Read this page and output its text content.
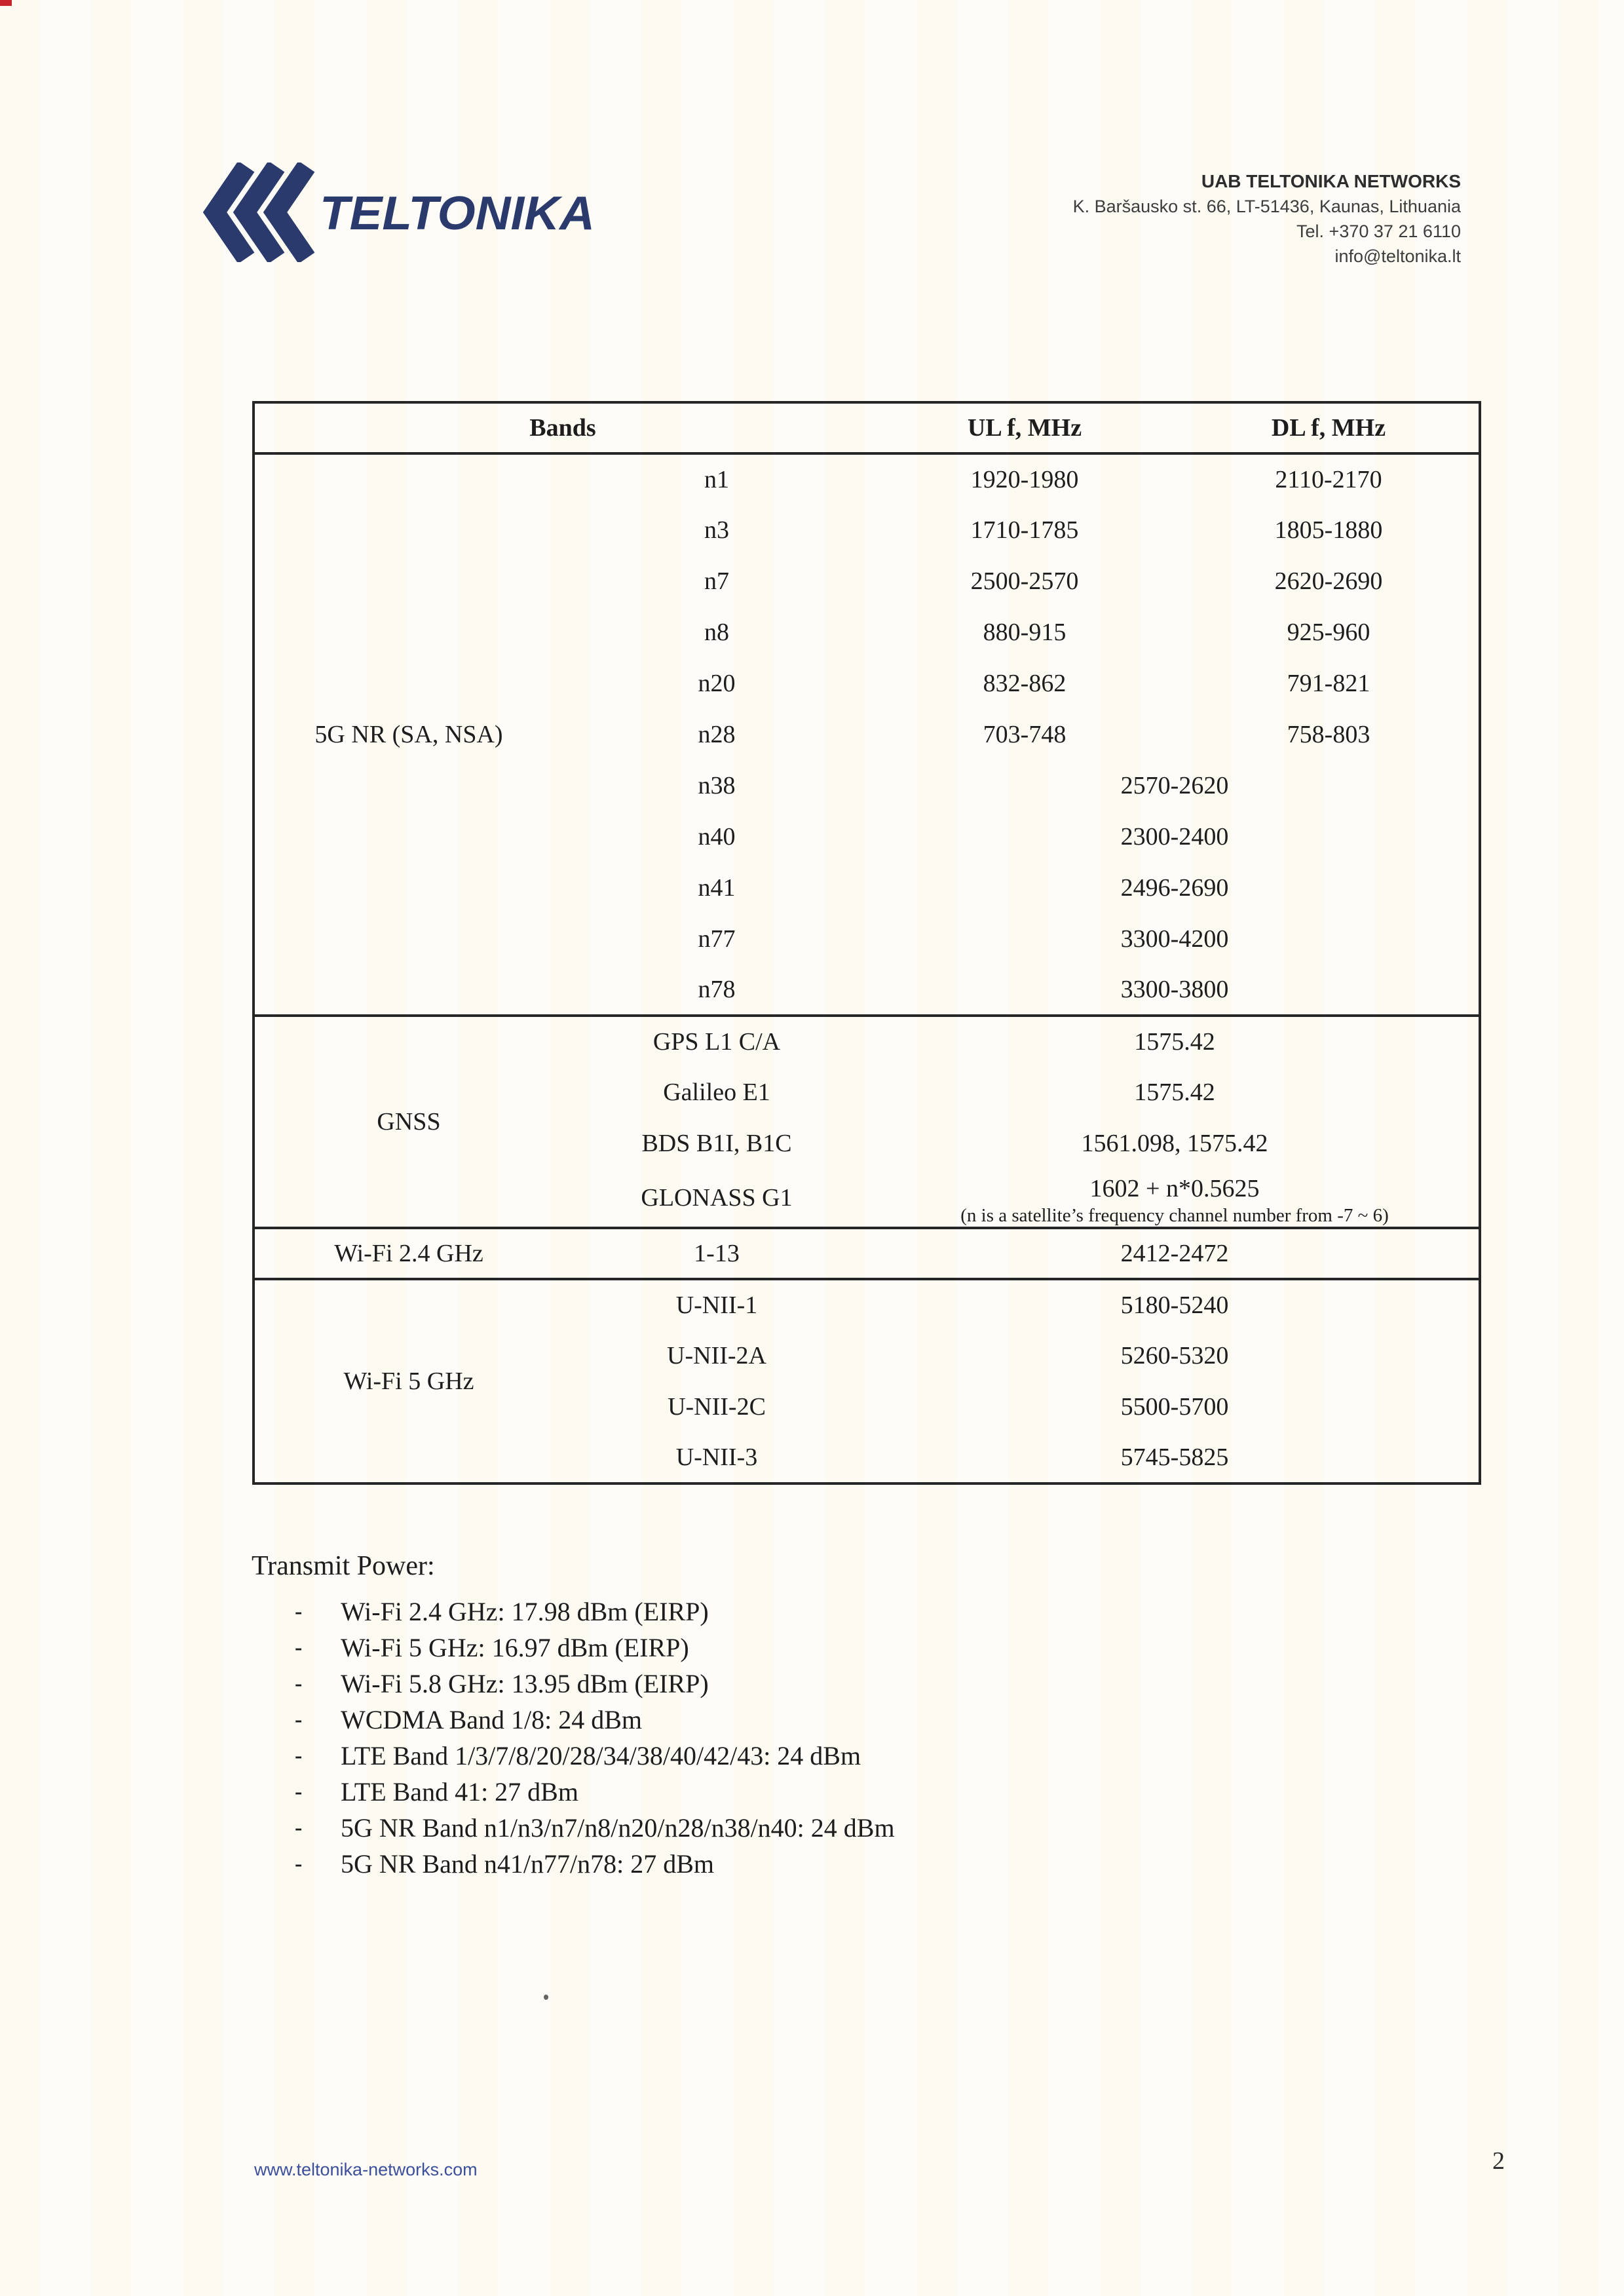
TELTONIKA
UAB TELTONIKA NETWORKS
K. Baršausko st. 66, LT-51436, Kaunas, Lithuania
Tel. +370 37 21 6110
info@teltonika.lt
Bands		UL f, MHz	DL f, MHz
5G NR (SA, NSA)	n1	1920-1980	2110-2170
	n3	1710-1785	1805-1880
	n7	2500-2570	2620-2690
	n8	880-915	925-960
	n20	832-862	791-821
	n28	703-748	758-803
	n38	2570-2620	
	n40	2300-2400	
	n41	2496-2690	
	n77	3300-4200	
	n78	3300-3800	
GNSS	GPS L1 C/A	1575.42	
	Galileo E1	1575.42	
	BDS B1I, B1C	1561.098, 1575.42	
	GLONASS G1	1602 + n*0.5625
(n is a satellite’s frequency channel number from -7 ~ 6)	

Wi-Fi 2.4 GHz	1-13	2412-2472	
Wi-Fi 5 GHz	U-NII-1	5180-5240	
	U-NII-2A	5260-5320	
	U-NII-2C	5500-5700	
	U-NII-3	5745-5825	
Transmit Power:
-	Wi-Fi 2.4 GHz: 17.98 dBm (EIRP)
-	Wi-Fi 5 GHz: 16.97 dBm (EIRP)
-	Wi-Fi 5.8 GHz: 13.95 dBm (EIRP)
-	WCDMA Band 1/8: 24 dBm
-	LTE Band 1/3/7/8/20/28/34/38/40/42/43: 24 dBm
-	LTE Band 41: 27 dBm
-	5G NR Band n1/n3/n7/n8/n20/n28/n38/n40: 24 dBm
-	5G NR Band n41/n77/n78: 27 dBm
www.teltonika-networks.com	2
